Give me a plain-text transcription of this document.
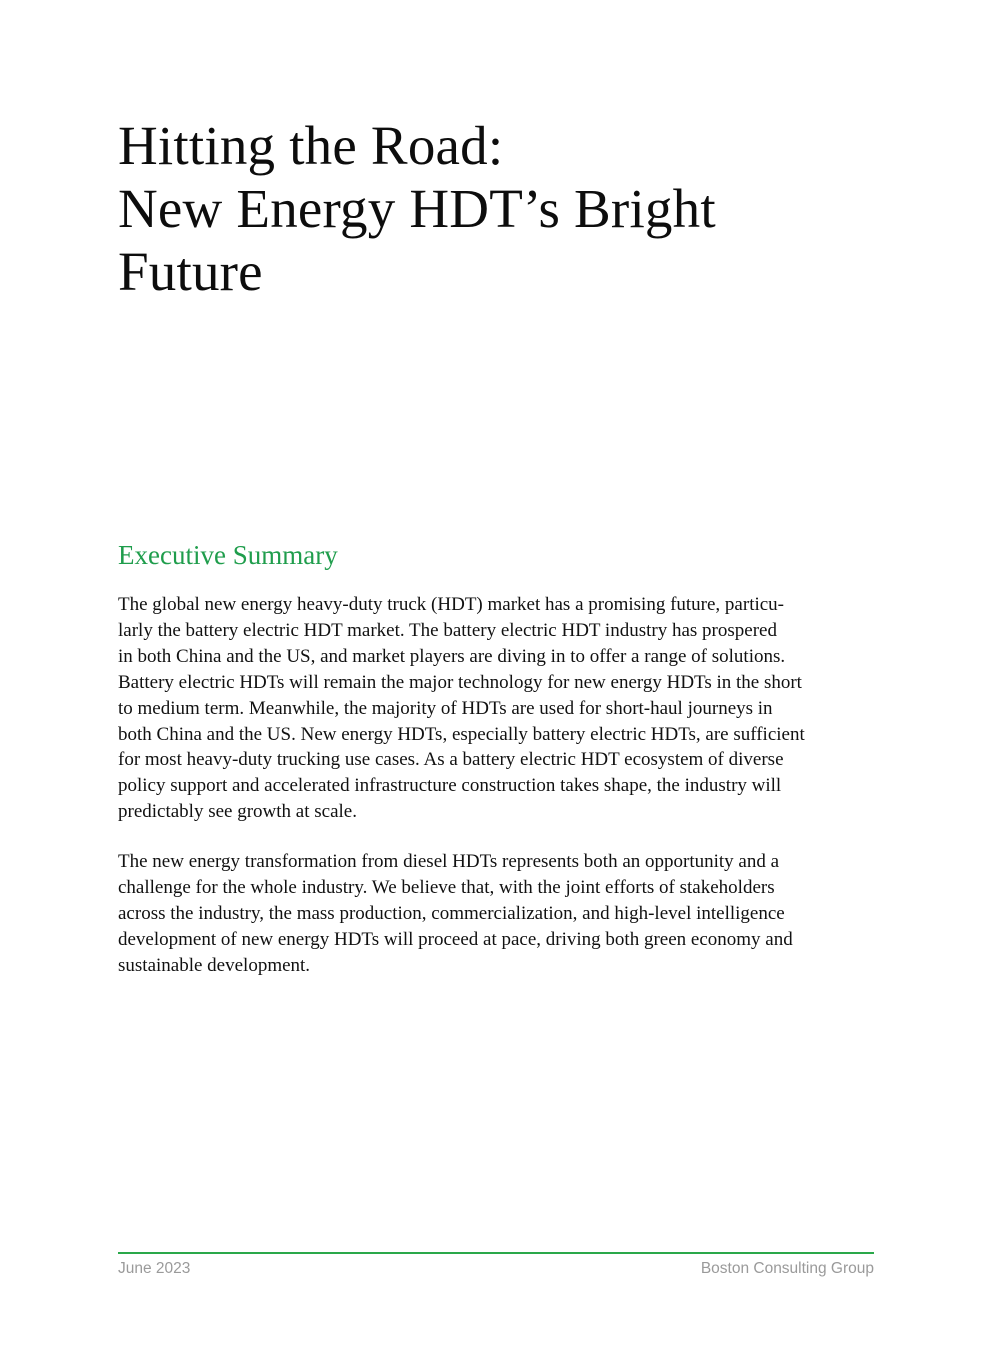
Hitting the Road:
New Energy HDT’s Bright
Future
Executive Summary

The global new energy heavy-duty truck (HDT) market has a promising future, particu-
larly the battery electric HDT market. The battery electric HDT industry has prospered
in both China and the US, and market players are diving in to offer a range of solutions.
Battery electric HDTs will remain the major technology for new energy HDTs in the short
to medium term. Meanwhile, the majority of HDTs are used for short-haul journeys in
both China and the US. New energy HDTs, especially battery electric HDTs, are sufficient
for most heavy-duty trucking use cases. As a battery electric HDT ecosystem of diverse
policy support and accelerated infrastructure construction takes shape, the industry will
predictably see growth at scale.

The new energy transformation from diesel HDTs represents both an opportunity and a
challenge for the whole industry. We believe that, with the joint efforts of stakeholders
across the industry, the mass production, commercialization, and high-level intelligence
development of new energy HDTs will proceed at pace, driving both green economy and
sustainable development.

June 2023	Boston Consulting Group
